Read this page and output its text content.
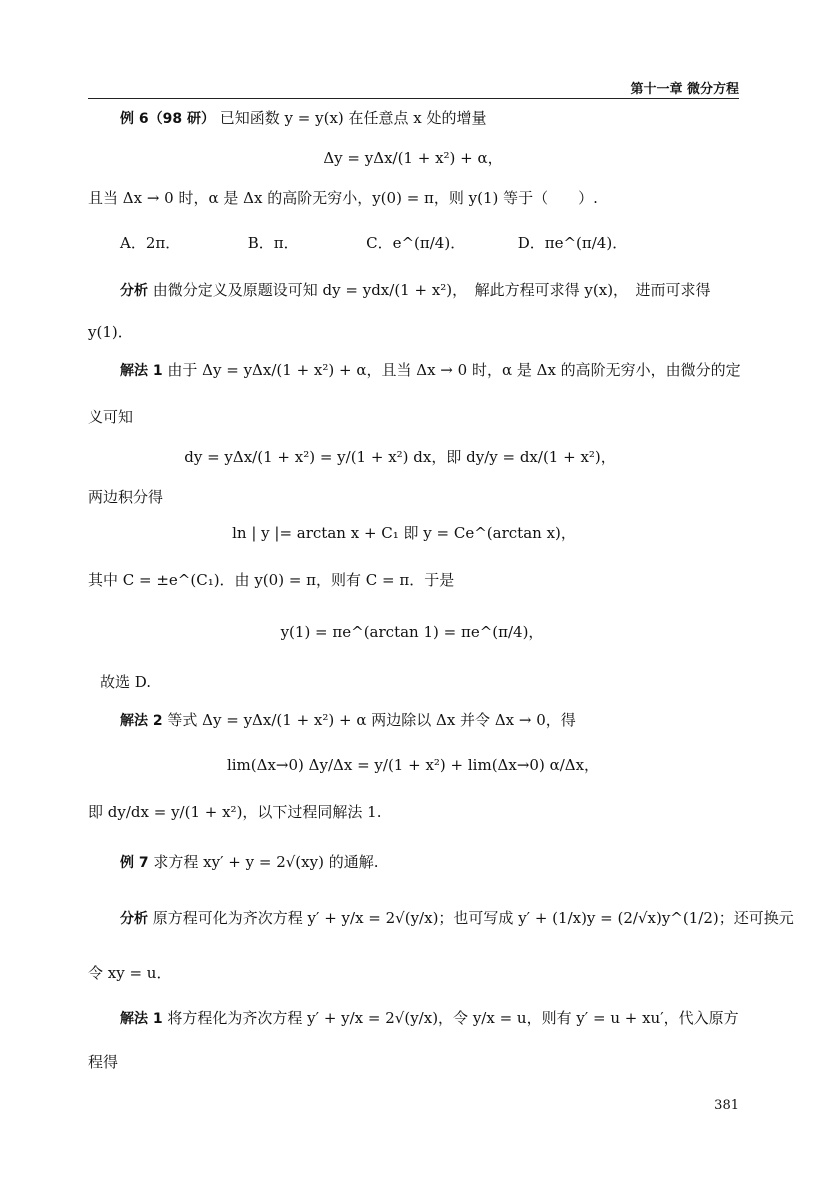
第十一章 微分方程
例 6（98 研） 已知函数 y = y(x) 在任意点 x 处的增量
Δy = yΔx/(1 + x²) + α，
且当 Δx → 0 时，α 是 Δx 的高阶无穷小，y(0) = π，则 y(1) 等于（　　）.
A．2π．　　　　　B．π．　　　　　C．e^(π/4)．　　　　D．πe^(π/4)．
分析 由微分定义及原题设可知 dy = ydx/(1 + x²)，　解此方程可求得 y(x)，　进而可求得
y(1)．
解法 1 由于 Δy = yΔx/(1 + x²) + α，且当 Δx → 0 时，α 是 Δx 的高阶无穷小，由微分的定
义可知
dy = yΔx/(1 + x²) = y/(1 + x²) dx，即 dy/y = dx/(1 + x²)，
两边积分得
ln | y |= arctan x + C₁ 即 y = Ce^(arctan x)，
其中 C = ±e^(C₁)．由 y(0) = π，则有 C = π．于是
y(1) = πe^(arctan 1) = πe^(π/4)，
故选 D.
解法 2 等式 Δy = yΔx/(1 + x²) + α 两边除以 Δx 并令 Δx → 0，得
lim(Δx→0) Δy/Δx = y/(1 + x²) + lim(Δx→0) α/Δx，
即 dy/dx = y/(1 + x²)，以下过程同解法 1.
例 7 求方程 xy′ + y = 2√(xy) 的通解.
分析 原方程可化为齐次方程 y′ + y/x = 2√(y/x)；也可写成 y′ + (1/x)y = (2/√x)y^(1/2)；还可换元
令 xy = u．
解法 1 将方程化为齐次方程 y′ + y/x = 2√(y/x)，令 y/x = u，则有 y′ = u + xu′，代入原方
程得
381
